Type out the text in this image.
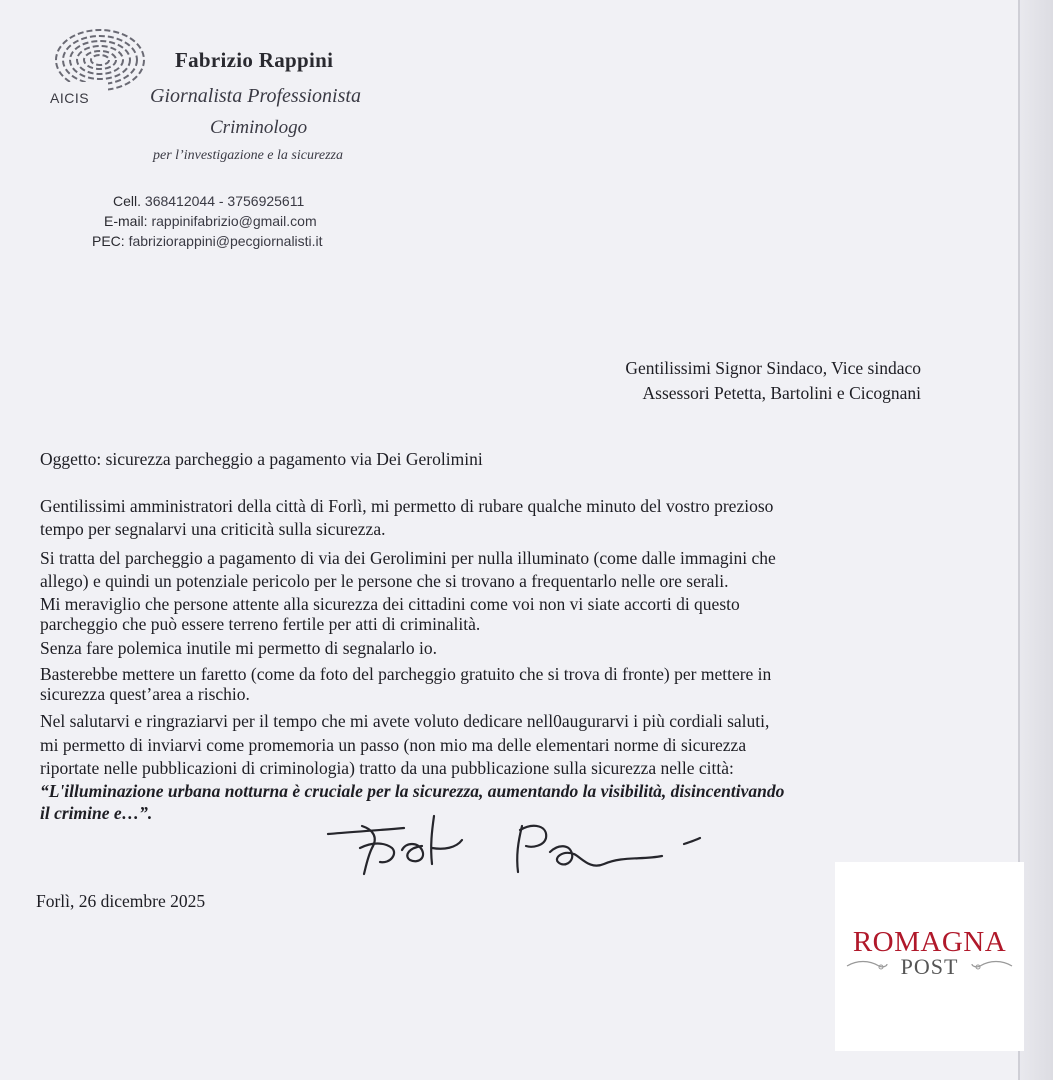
AICIS
Fabrizio Rappini
Giornalista Professionista
Criminologo
per l’investigazione e la sicurezza
Cell. 368412044 - 3756925611
E-mail: rappinifabrizio@gmail.com
PEC: fabriziorappini@pecgiornalisti.it
Gentilissimi Signor Sindaco, Vice sindaco
Assessori Petetta, Bartolini e Cicognani
Oggetto: sicurezza parcheggio a pagamento via Dei Gerolimini
Gentilissimi amministratori della città di Forlì, mi permetto di rubare qualche minuto del vostro prezioso
tempo per segnalarvi una criticità sulla sicurezza.
Si tratta del parcheggio a pagamento di via dei Gerolimini per nulla illuminato (come dalle immagini che
allego) e quindi un potenziale pericolo per le persone che si trovano a frequentarlo nelle ore serali.
Mi meraviglio che persone attente alla sicurezza dei cittadini come voi non vi siate accorti di questo
parcheggio che può essere terreno fertile per atti di criminalità.
Senza fare polemica inutile mi permetto di segnalarlo io.
Basterebbe mettere un faretto (come da foto del parcheggio gratuito che si trova di fronte) per mettere in
sicurezza quest’area a rischio.
Nel salutarvi e ringraziarvi per il tempo che mi avete voluto dedicare nell0augurarvi i più cordiali saluti,
mi permetto di inviarvi come promemoria un passo (non mio ma delle elementari norme di sicurezza
riportate nelle pubblicazioni di criminologia) tratto da una pubblicazione sulla sicurezza nelle città:
“L'illuminazione urbana notturna è cruciale per la sicurezza, aumentando la visibilità, disincentivando
il crimine e…”.
Forlì, 26 dicembre 2025
ROMAGNA
POST
